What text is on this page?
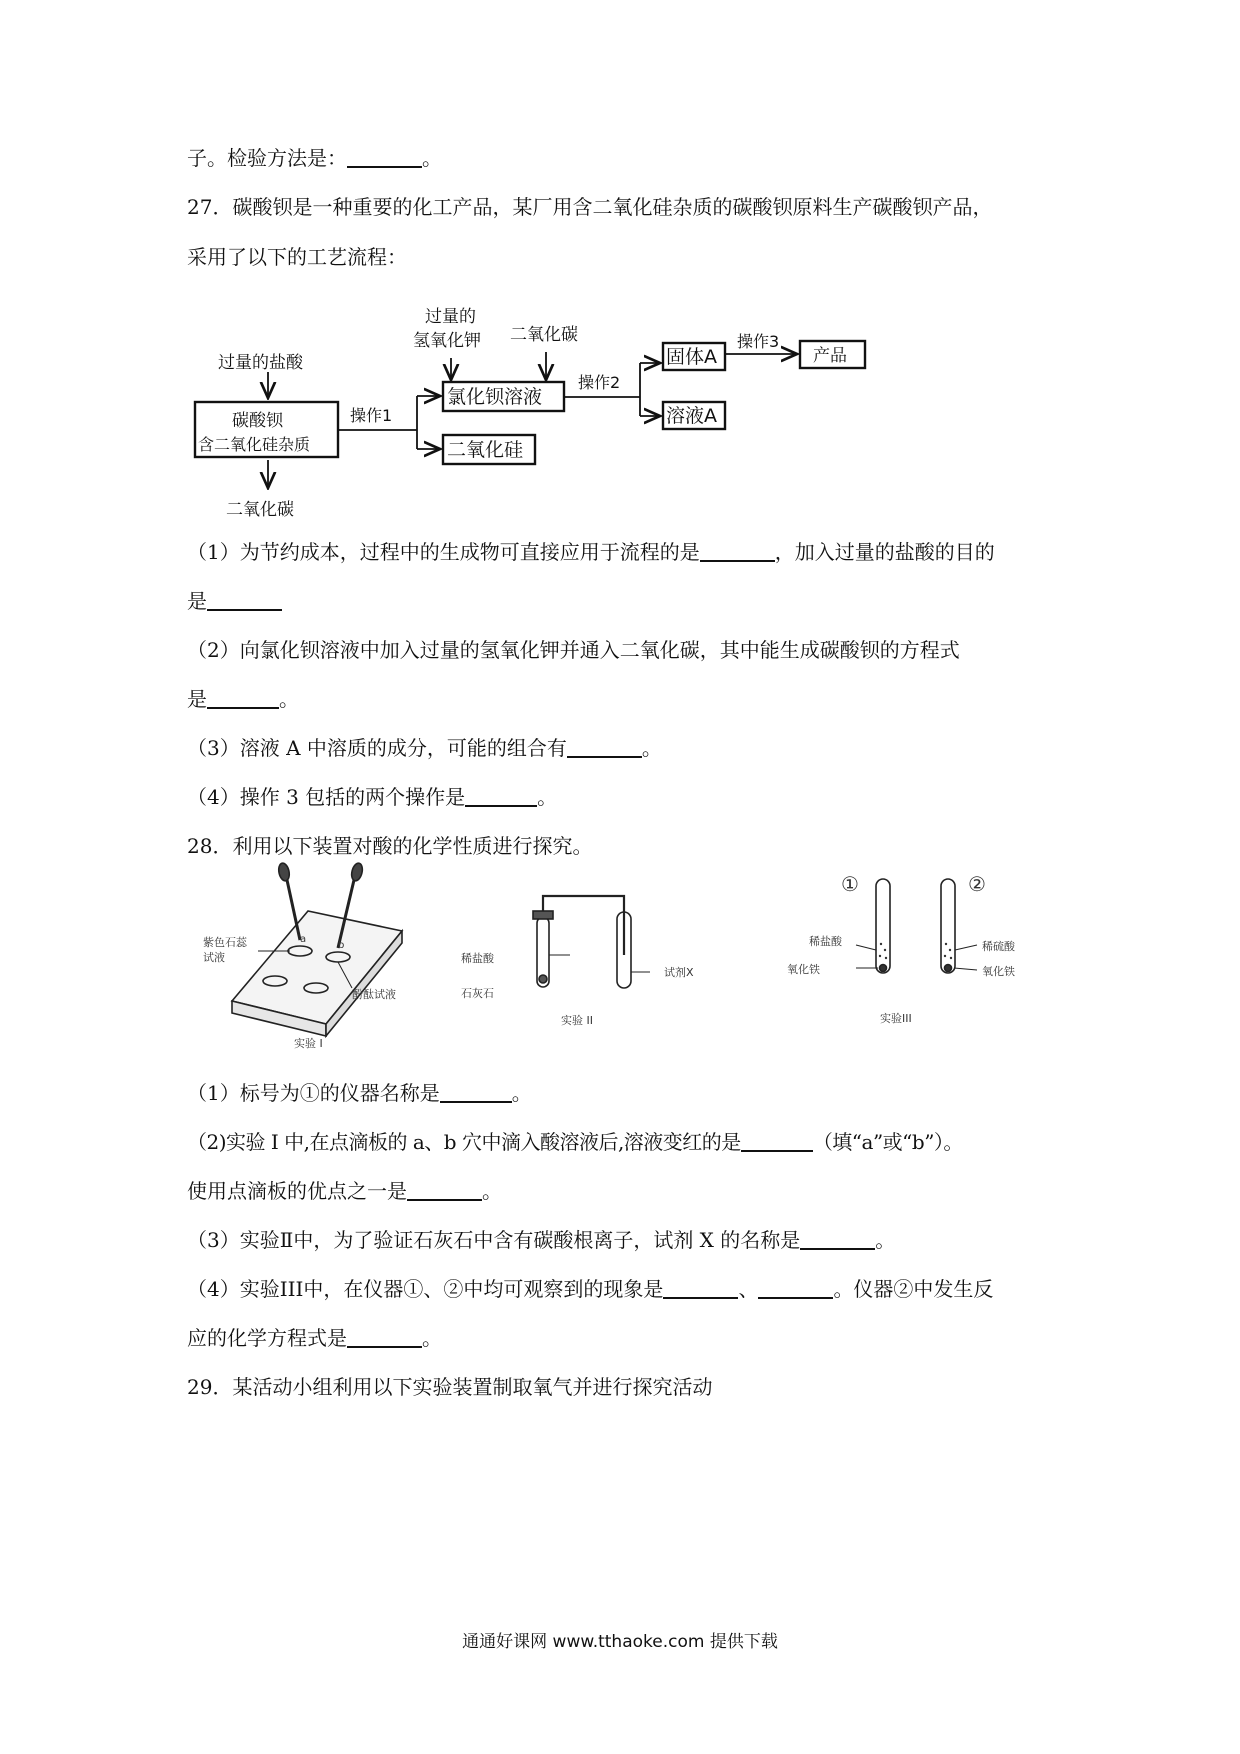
子。检验方法是：	。
27．碳酸钡是一种重要的化工产品，某厂用含二氧化硅杂质的碳酸钡原料生产碳酸钡产品，
采用了以下的工艺流程：
过量的盐酸
碳酸钡
含二氧化硅杂质
二氧化碳
操作1
过量的
氢氧化钾 二氧化碳
氯化钡溶液
二氧化硅
操作2
固体A
溶液A
操作3
产品
（1）为节约成本，过程中的生成物可直接应用于流程的是	，加入过量的盐酸的目的
是
（2）向氯化钡溶液中加入过量的氢氧化钾并通入二氧化碳，其中能生成碳酸钡的方程式
是	。
（3）溶液 A 中溶质的成分，可能的组合有	。
（4）操作 3 包括的两个操作是	。
28．利用以下装置对酸的化学性质进行探究。
紫色石蕊
试液
a
b
酚酞试液
实验 I
稀盐酸
石灰石
试剂X
实验 II
稀盐酸
氧化铁
稀硫酸
氧化铁
实验III
①	②
（1）标号为①的仪器名称是	。
（2)实验 I 中,在点滴板的 a、b 穴中滴入酸溶液后,溶液变红的是	（填“a”或“b”）。
使用点滴板的优点之一是	。
（3）实验Ⅱ中，为了验证石灰石中含有碳酸根离子，试剂 X 的名称是	。
（4）实验III中，在仪器①、②中均可观察到的现象是	、	。仪器②中发生反
应的化学方程式是	。
29．某活动小组利用以下实验装置制取氧气并进行探究活动
通通好课网 www.tthaoke.com 提供下载
